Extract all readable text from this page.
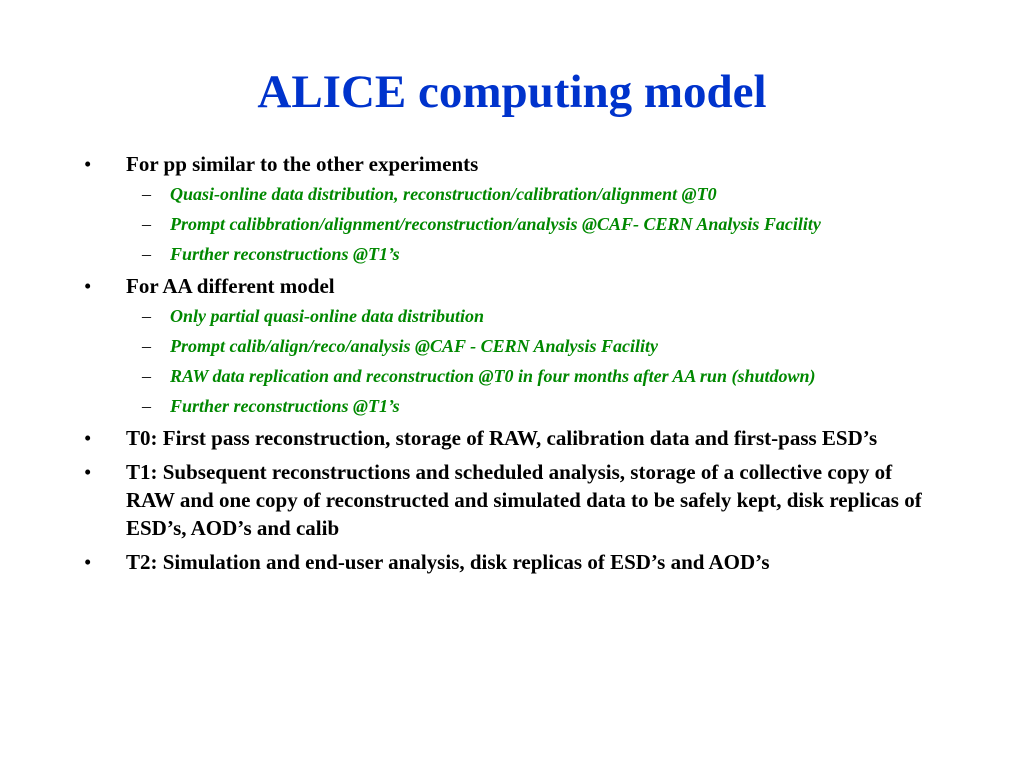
ALICE computing model
• For pp similar to the other experiments
– Quasi-online data distribution, reconstruction/calibration/alignment @T0
– Prompt calibbration/alignment/reconstruction/analysis @CAF- CERN Analysis Facility
– Further reconstructions @T1’s
• For AA different model
– Only partial quasi-online data distribution
– Prompt calib/align/reco/analysis @CAF - CERN Analysis Facility
– RAW data replication and reconstruction @T0 in four months after AA run (shutdown)
– Further reconstructions @T1’s
• T0: First pass reconstruction, storage of RAW, calibration data and first-pass ESD’s
• T1: Subsequent reconstructions and scheduled analysis, storage of a collective copy of RAW and one copy of reconstructed and simulated data to be safely kept, disk replicas of ESD’s, AOD’s and calib
• T2: Simulation and end-user analysis, disk replicas of ESD’s and AOD’s
